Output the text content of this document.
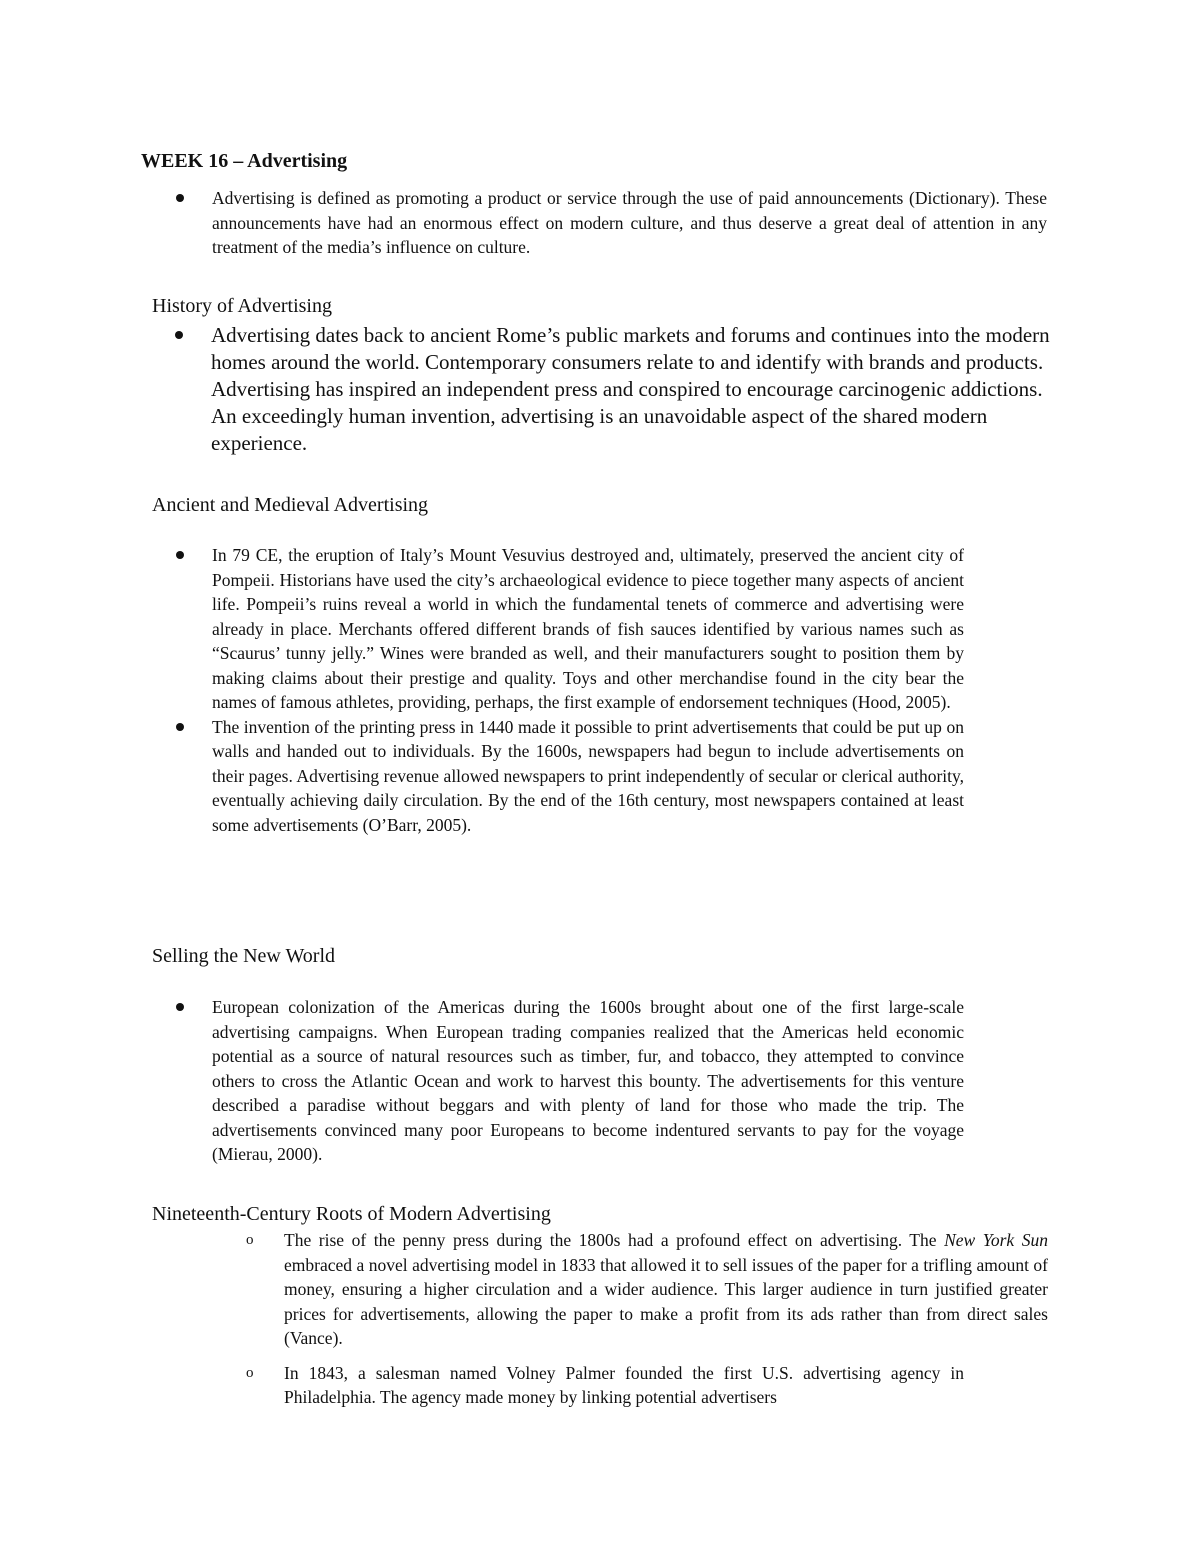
WEEK 16 – Advertising
Advertising is defined as promoting a product or service through the use of paid announcements (Dictionary). These announcements have had an enormous effect on modern culture, and thus deserve a great deal of attention in any treatment of the media’s influence on culture.
History of Advertising
Advertising dates back to ancient Rome’s public markets and forums and continues into the modern homes around the world. Contemporary consumers relate to and identify with brands and products. Advertising has inspired an independent press and conspired to encourage carcinogenic addictions. An exceedingly human invention, advertising is an unavoidable aspect of the shared modern experience.
Ancient and Medieval Advertising
In 79 CE, the eruption of Italy’s Mount Vesuvius destroyed and, ultimately, preserved the ancient city of Pompeii. Historians have used the city’s archaeological evidence to piece together many aspects of ancient life. Pompeii’s ruins reveal a world in which the fundamental tenets of commerce and advertising were already in place. Merchants offered different brands of fish sauces identified by various names such as “Scaurus’ tunny jelly.” Wines were branded as well, and their manufacturers sought to position them by making claims about their prestige and quality. Toys and other merchandise found in the city bear the names of famous athletes, providing, perhaps, the first example of endorsement techniques (Hood, 2005).
The invention of the printing press in 1440 made it possible to print advertisements that could be put up on walls and handed out to individuals. By the 1600s, newspapers had begun to include advertisements on their pages. Advertising revenue allowed newspapers to print independently of secular or clerical authority, eventually achieving daily circulation. By the end of the 16th century, most newspapers contained at least some advertisements (O’Barr, 2005).
Selling the New World
European colonization of the Americas during the 1600s brought about one of the first large-scale advertising campaigns. When European trading companies realized that the Americas held economic potential as a source of natural resources such as timber, fur, and tobacco, they attempted to convince others to cross the Atlantic Ocean and work to harvest this bounty. The advertisements for this venture described a paradise without beggars and with plenty of land for those who made the trip. The advertisements convinced many poor Europeans to become indentured servants to pay for the voyage (Mierau, 2000).
Nineteenth-Century Roots of Modern Advertising
o The rise of the penny press during the 1800s had a profound effect on advertising. The New York Sun embraced a novel advertising model in 1833 that allowed it to sell issues of the paper for a trifling amount of money, ensuring a higher circulation and a wider audience. This larger audience in turn justified greater prices for advertisements, allowing the paper to make a profit from its ads rather than from direct sales (Vance).
o In 1843, a salesman named Volney Palmer founded the first U.S. advertising agency in Philadelphia. The agency made money by linking potential advertisers
